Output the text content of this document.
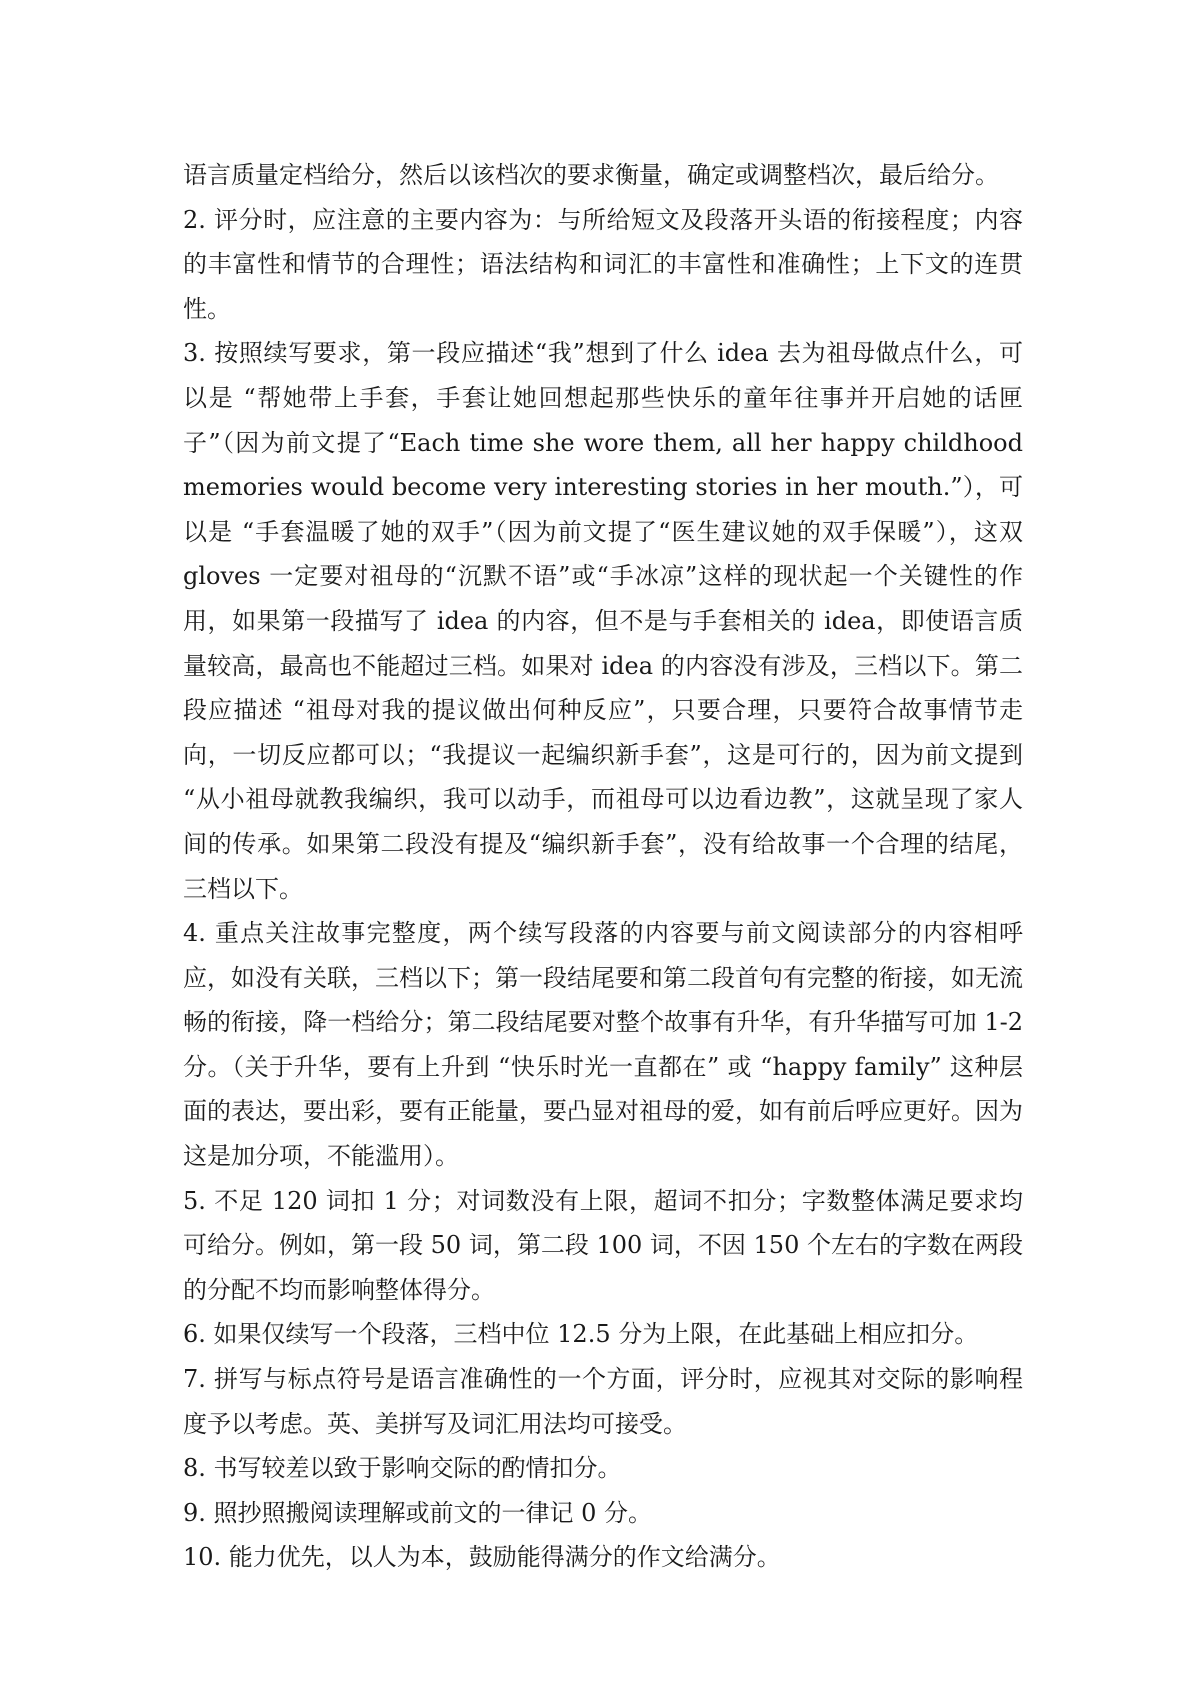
语言质量定档给分，然后以该档次的要求衡量，确定或调整档次，最后给分。

2. 评分时，应注意的主要内容为：与所给短文及段落开头语的衔接程度；内容的丰富性和情节的合理性；语法结构和词汇的丰富性和准确性；上下文的连贯性。

3. 按照续写要求，第一段应描述“我”想到了什么 idea 去为祖母做点什么，可以是 “帮她带上手套，手套让她回想起那些快乐的童年往事并开启她的话匣子”（因为前文提了“Each time she wore them, all her happy childhood memories would become very interesting stories in her mouth.”），可以是 “手套温暖了她的双手”（因为前文提了“医生建议她的双手保暖”），这双 gloves 一定要对祖母的“沉默不语”或“手冰凉”这样的现状起一个关键性的作用，如果第一段描写了 idea 的内容，但不是与手套相关的 idea，即使语言质量较高，最高也不能超过三档。如果对 idea 的内容没有涉及，三档以下。第二段应描述 “祖母对我的提议做出何种反应”，只要合理，只要符合故事情节走向，一切反应都可以；“我提议一起编织新手套”，这是可行的，因为前文提到 “从小祖母就教我编织，我可以动手，而祖母可以边看边教”，这就呈现了家人间的传承。如果第二段没有提及“编织新手套”，没有给故事一个合理的结尾，三档以下。

4. 重点关注故事完整度，两个续写段落的内容要与前文阅读部分的内容相呼应，如没有关联，三档以下；第一段结尾要和第二段首句有完整的衔接，如无流畅的衔接，降一档给分；第二段结尾要对整个故事有升华，有升华描写可加 1-2 分。（关于升华，要有上升到 “快乐时光一直都在” 或 “happy family” 这种层面的表达，要出彩，要有正能量，要凸显对祖母的爱，如有前后呼应更好。因为这是加分项，不能滥用）。

5. 不足 120 词扣 1 分；对词数没有上限，超词不扣分；字数整体满足要求均可给分。例如，第一段 50 词，第二段 100 词，不因 150 个左右的字数在两段的分配不均而影响整体得分。

6. 如果仅续写一个段落，三档中位 12.5 分为上限，在此基础上相应扣分。

7. 拼写与标点符号是语言准确性的一个方面，评分时，应视其对交际的影响程度予以考虑。英、美拼写及词汇用法均可接受。

8. 书写较差以致于影响交际的酌情扣分。

9. 照抄照搬阅读理解或前文的一律记 0 分。

10. 能力优先，以人为本，鼓励能得满分的作文给满分。
